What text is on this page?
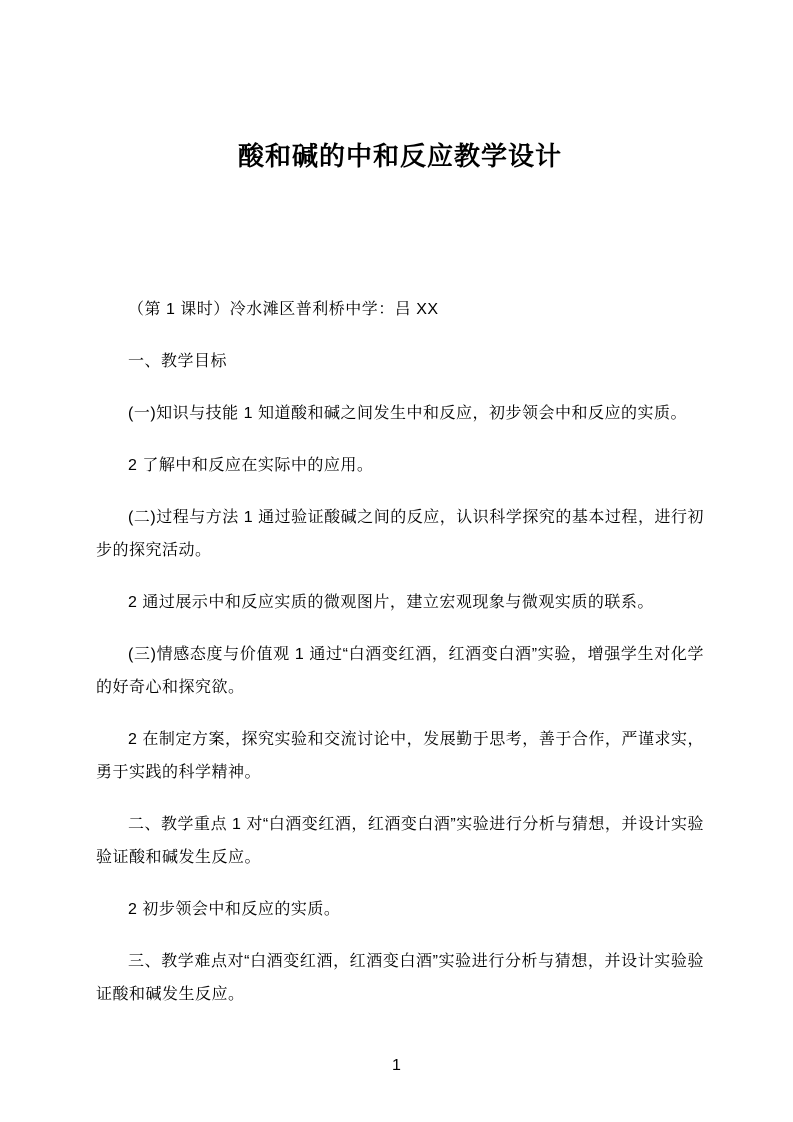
酸和碱的中和反应教学设计

（第 1 课时）冷水滩区普利桥中学：吕 XX

一、教学目标

(一)知识与技能 1 知道酸和碱之间发生中和反应，初步领会中和反应的实质。

2 了解中和反应在实际中的应用。

(二)过程与方法 1 通过验证酸碱之间的反应，认识科学探究的基本过程，进行初步的探究活动。

2 通过展示中和反应实质的微观图片，建立宏观现象与微观实质的联系。

(三)情感态度与价值观 1 通过“白酒变红酒，红酒变白酒”实验，增强学生对化学的好奇心和探究欲。

2 在制定方案，探究实验和交流讨论中，发展勤于思考，善于合作，严谨求实，勇于实践的科学精神。

二、教学重点 1 对“白酒变红酒，红酒变白酒”实验进行分析与猜想，并设计实验验证酸和碱发生反应。

2 初步领会中和反应的实质。

三、教学难点对“白酒变红酒，红酒变白酒”实验进行分析与猜想，并设计实验验证酸和碱发生反应。

1
